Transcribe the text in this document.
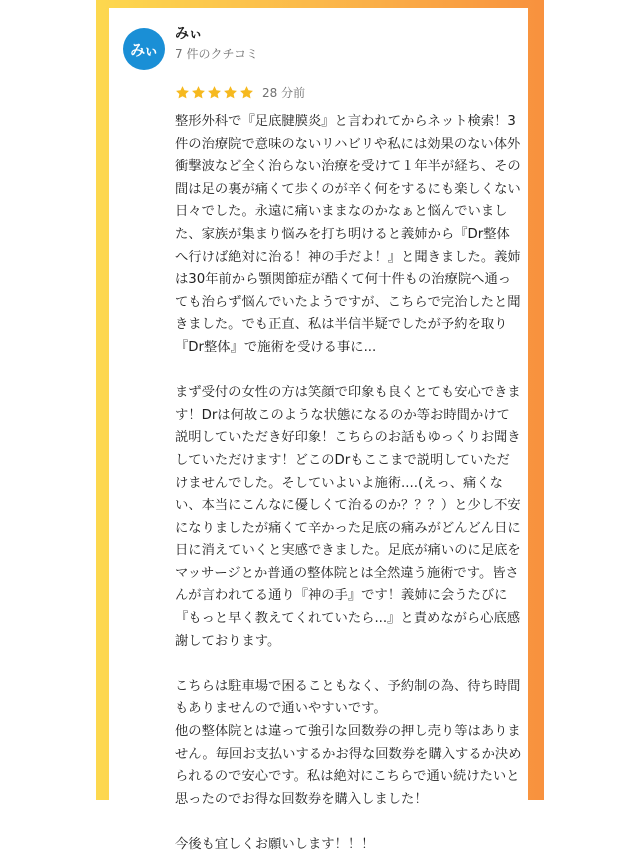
みぃ
みぃ
7 件のクチコミ
28 分前

整形外科で『足底腱膜炎』と言われてからネット検索！3件の治療院で意味のないリハビリや私には効果のない体外衝撃波など全く治らない治療を受けて１年半が経ち、その間は足の裏が痛くて歩くのが辛く何をするにも楽しくない日々でした。永遠に痛いままなのかなぁと悩んでいました、家族が集まり悩みを打ち明けると義姉から『Dr整体へ行けば絶対に治る！神の手だよ！』と聞きました。義姉は30年前から顎関節症が酷くて何十件もの治療院へ通っても治らず悩んでいたようですが、こちらで完治したと聞きました。でも正直、私は半信半疑でしたが予約を取り『Dr整体』で施術を受ける事に...

まず受付の女性の方は笑顔で印象も良くとても安心できます！Drは何故このような状態になるのか等お時間かけて説明していただき好印象！こちらのお話もゆっくりお聞きしていただけます！どこのDrもここまで説明していただけませんでした。そしていよいよ施術....(えっ、痛くない、本当にこんなに優しくて治るのか？？？）と少し不安になりましたが痛くて辛かった足底の痛みがどんどん日に日に消えていくと実感できました。足底が痛いのに足底をマッサージとか普通の整体院とは全然違う施術です。皆さんが言われてる通り『神の手』です！義姉に会うたびに『もっと早く教えてくれていたら...』と責めながら心底感謝しております。

こちらは駐車場で困ることもなく、予約制の為、待ち時間もありませんので通いやすいです。

他の整体院とは違って強引な回数券の押し売り等はありません。毎回お支払いするかお得な回数券を購入するか決められるので安心です。私は絶対にこちらで通い続けたいと思ったのでお得な回数券を購入しました！

今後も宜しくお願いします！！！
